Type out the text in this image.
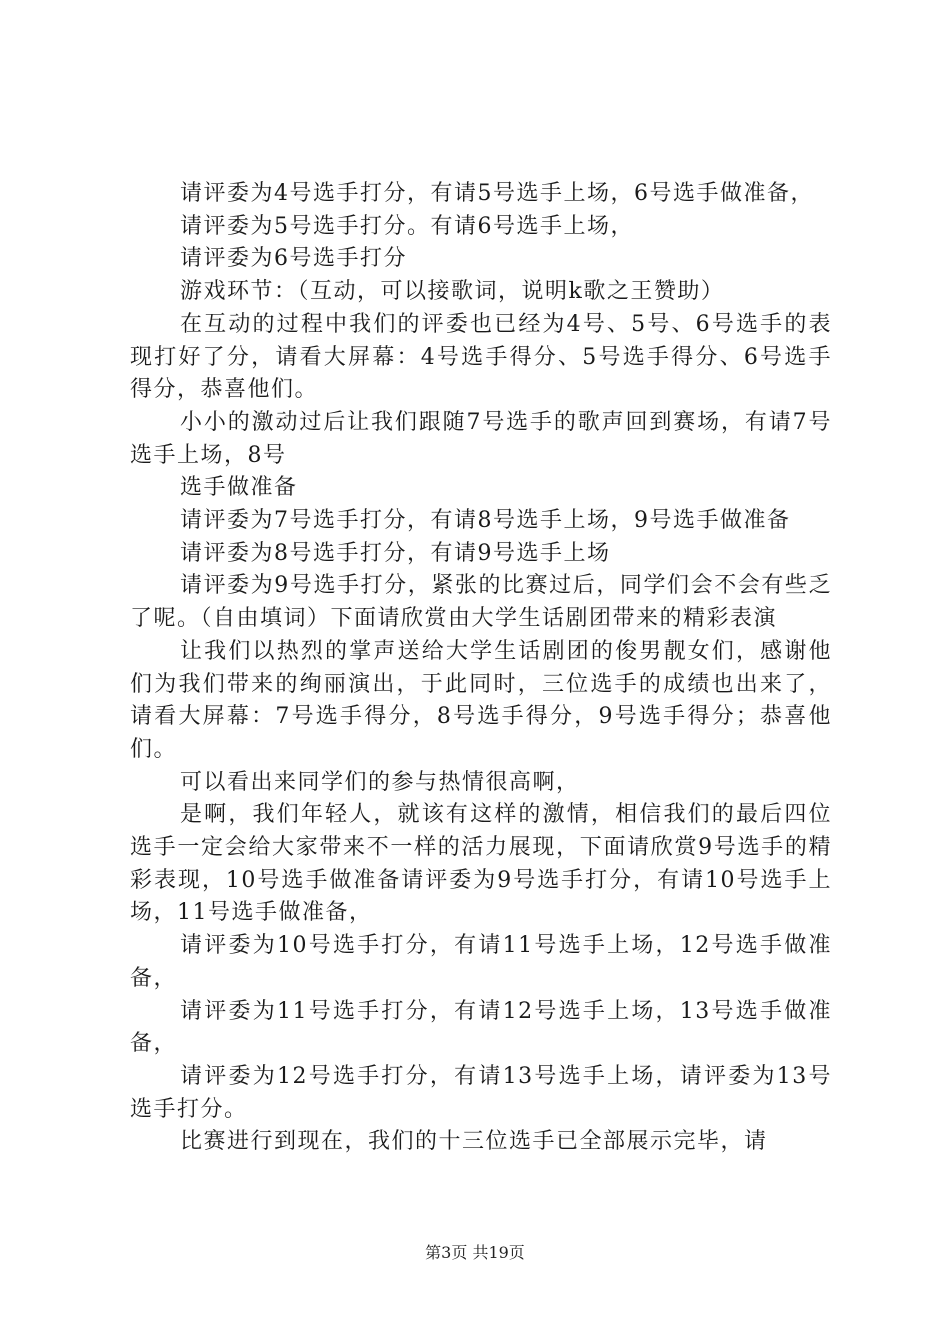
请评委为4号选手打分，有请5号选手上场，6号选手做准备，

请评委为5号选手打分。有请6号选手上场，

请评委为6号选手打分

游戏环节：（互动，可以接歌词，说明k歌之王赞助）

在互动的过程中我们的评委也已经为4号、5号、6号选手的表现打好了分，请看大屏幕：4号选手得分、5号选手得分、6号选手得分，恭喜他们。

小小的激动过后让我们跟随7号选手的歌声回到赛场，有请7号选手上场，8号

选手做准备

请评委为7号选手打分，有请8号选手上场，9号选手做准备

请评委为8号选手打分，有请9号选手上场

请评委为9号选手打分，紧张的比赛过后，同学们会不会有些乏了呢。（自由填词）下面请欣赏由大学生话剧团带来的精彩表演

让我们以热烈的掌声送给大学生话剧团的俊男靓女们，感谢他们为我们带来的绚丽演出，于此同时，三位选手的成绩也出来了，请看大屏幕：7号选手得分，8号选手得分，9号选手得分；恭喜他们。

可以看出来同学们的参与热情很高啊，

是啊，我们年轻人，就该有这样的激情，相信我们的最后四位选手一定会给大家带来不一样的活力展现，下面请欣赏9号选手的精彩表现，10号选手做准备请评委为9号选手打分，有请10号选手上场，11号选手做准备，

请评委为10号选手打分，有请11号选手上场，12号选手做准备，

请评委为11号选手打分，有请12号选手上场，13号选手做准备，

请评委为12号选手打分，有请13号选手上场，请评委为13号选手打分。

比赛进行到现在，我们的十三位选手已全部展示完毕，请

第3页 共19页
